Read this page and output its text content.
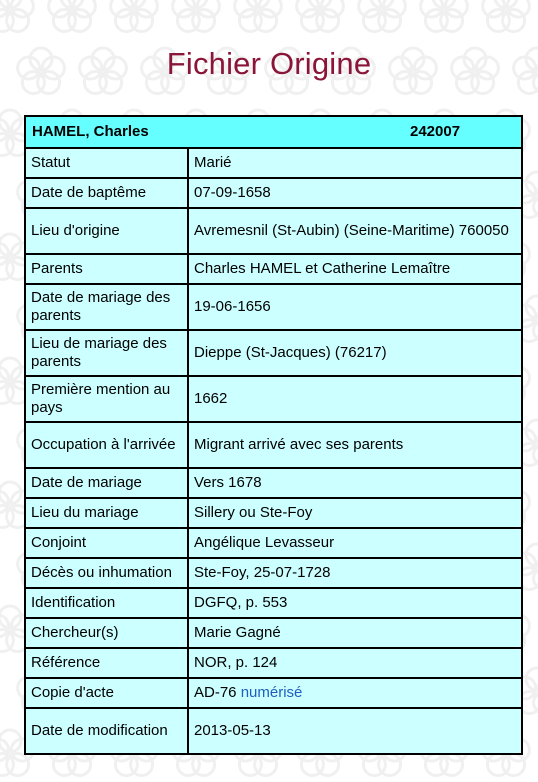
Fichier Origine
HAMEL, Charles 242007	
Statut	Marié
Date de baptême	07-09-1658
Lieu d'origine	Avremesnil (St-Aubin) (Seine-Maritime) 760050
Parents	Charles HAMEL et Catherine Lemaître
Date de mariage des parents	19-06-1656
Lieu de mariage des parents	Dieppe (St-Jacques) (76217)
Première mention au pays	1662
Occupation à l'arrivée	Migrant arrivé avec ses parents
Date de mariage	Vers 1678
Lieu du mariage	Sillery ou Ste-Foy
Conjoint	Angélique Levasseur
Décès ou inhumation	Ste-Foy, 25-07-1728
Identification	DGFQ, p. 553
Chercheur(s)	Marie Gagné
Référence	NOR, p. 124
Copie d'acte	AD-76 numérisé
Date de modification	2013-05-13
